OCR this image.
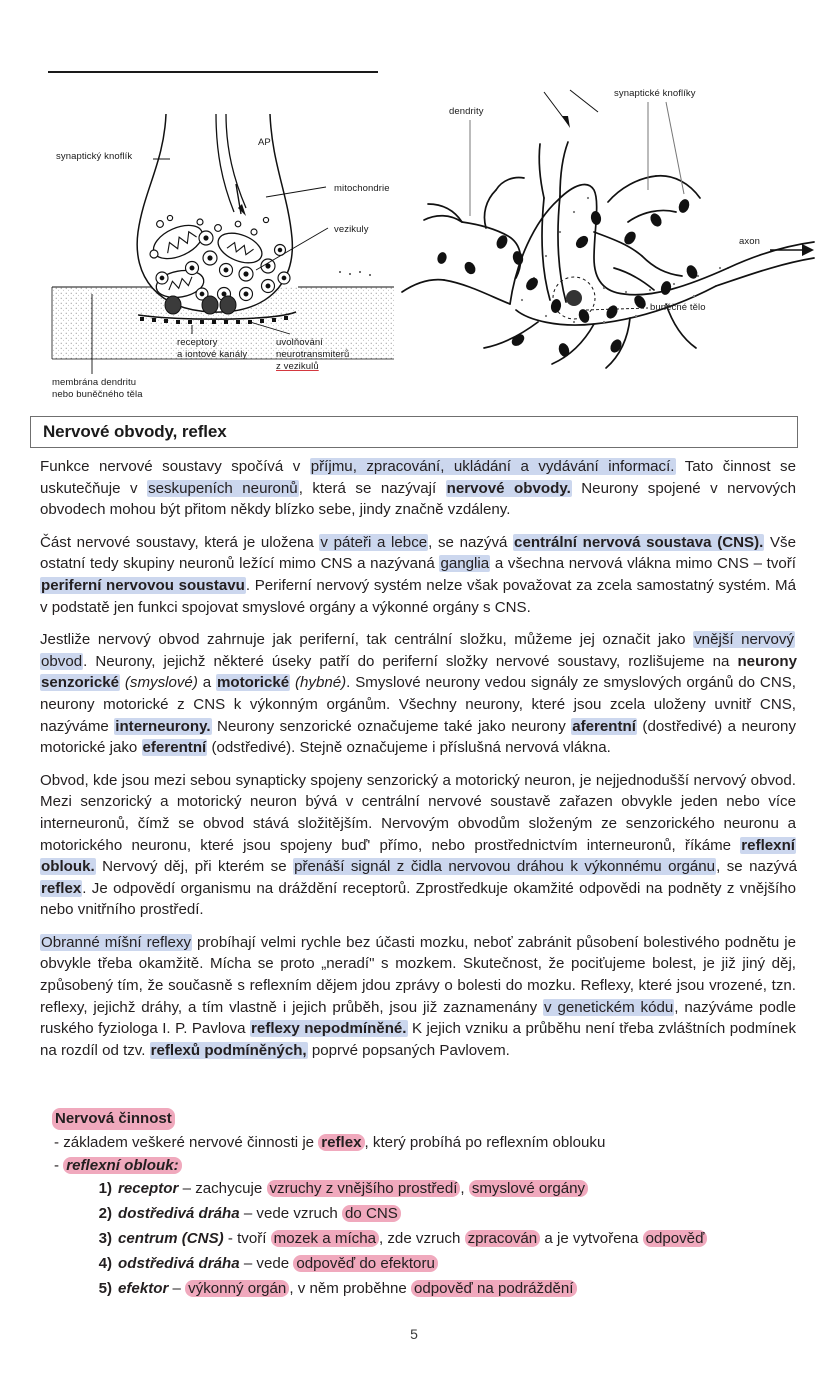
synaptický knoflík
AP
mitochondrie
vezikuly
receptory
a iontové kanály
uvolňování
neurotransmiterů
z vezikulů
membrána dendritu
nebo buněčného těla
dendrity
synaptické knoflíky
axon
buněčné tělo
Nervové obvody, reflex

Funkce nervové soustavy spočívá v příjmu, zpracování, ukládání a vydávání informací. Tato činnost se uskutečňuje v seskupeních neuronů, která se nazývají nervové obvody. Neurony spojené v nervových obvodech mohou být přitom někdy blízko sebe, jindy značně vzdáleny.

Část nervové soustavy, která je uložena v páteři a lebce, se nazývá centrální nervová soustava (CNS). Vše ostatní tedy skupiny neuronů ležící mimo CNS a nazývaná ganglia a všechna nervová vlákna mimo CNS – tvoří periferní nervovou soustavu. Periferní nervový systém nelze však považovat za zcela samostatný systém. Má v podstatě jen funkci spojovat smyslové orgány a výkonné orgány s CNS.

Jestliže nervový obvod zahrnuje jak periferní, tak centrální složku, můžeme jej označit jako vnější nervový obvod. Neurony, jejichž některé úseky patří do periferní složky nervové soustavy, rozlišujeme na neurony senzorické (smyslové) a motorické (hybné). Smyslové neurony vedou signály ze smyslových orgánů do CNS, neurony motorické z CNS k výkonným orgánům. Všechny neurony, které jsou zcela uloženy uvnitř CNS, nazýváme interneurony. Neurony senzorické označujeme také jako neurony aferentní (dostředivé) a neurony motorické jako eferentní (odstředivé). Stejně označujeme i příslušná nervová vlákna.

Obvod, kde jsou mezi sebou synapticky spojeny senzorický a motorický neuron, je nejjednodušší nervový obvod. Mezi senzorický a motorický neuron bývá v centrální nervové soustavě zařazen obvykle jeden nebo více interneuronů, čímž se obvod stává složitějším. Nervovým obvodům složeným ze senzorického neuronu a motorického neuronu, které jsou spojeny buď' přímo, nebo prostřednictvím interneuronů, říkáme reflexní oblouk. Nervový děj, při kterém se přenáší signál z čidla nervovou dráhou k výkonnému orgánu, se nazývá reflex. Je odpovědí organismu na dráždění receptorů. Zprostředkuje okamžité odpovědi na podněty z vnějšího nebo vnitřního prostředí.

Obranné míšní reflexy probíhají velmi rychle bez účasti mozku, neboť zabránit působení bolestivého podnětu je obvykle třeba okamžitě. Mícha se proto „neradí" s mozkem. Skutečnost, že pociťujeme bolest, je již jiný děj, způsobený tím, že současně s reflexním dějem jdou zprávy o bolesti do mozku. Reflexy, které jsou vrozené, tzn. reflexy, jejichž dráhy, a tím vlastně i jejich průběh, jsou již zaznamenány v genetickém kódu, nazýváme podle ruského fyziologa I. P. Pavlova reflexy nepodmíněné. K jejich vzniku a průběhu není třeba zvláštních podmínek na rozdíl od tzv. reflexů podmíněných, poprvé popsaných Pavlovem.

Nervová činnost
- základem veškeré nervové činnosti je reflex , který probíhá po reflexním oblouku
- reflexní oblouk:
receptor – zachycuje vzruchy z vnějšího prostředí , smyslové orgány
dostředivá dráha – vede vzruch do CNS
centrum (CNS) - tvoří mozek a mícha , zde vzruch zpracován a je vytvořena odpověď
odstředivá dráha – vede odpověď do efektoru
efektor – výkonný orgán , v něm proběhne odpověď na podráždění
5
